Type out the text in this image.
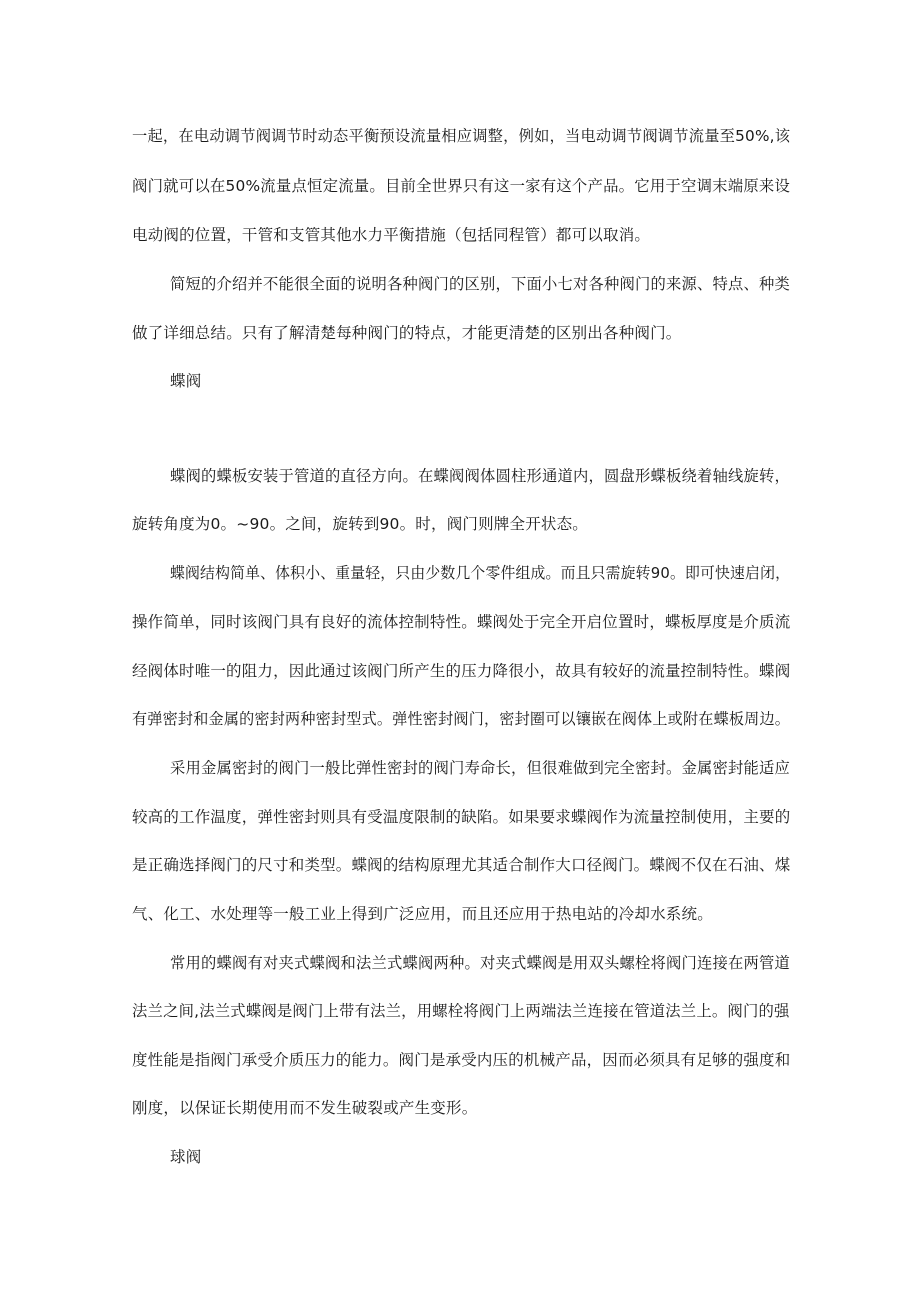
一起，在电动调节阀调节时动态平衡预设流量相应调整，例如，当电动调节阀调节流量至50%,该
阀门就可以在50%流量点恒定流量。目前全世界只有这一家有这个产品。它用于空调末端原来设
电动阀的位置，干管和支管其他水力平衡措施（包括同程管）都可以取消。
简短的介绍并不能很全面的说明各种阀门的区别，下面小七对各种阀门的来源、特点、种类
做了详细总结。只有了解清楚每种阀门的特点，才能更清楚的区别出各种阀门。
蝶阀
蝶阀的蝶板安装于管道的直径方向。在蝶阀阀体圆柱形通道内，圆盘形蝶板绕着轴线旋转，
旋转角度为0。~90。之间，旋转到90。时，阀门则牌全开状态。
蝶阀结构简单、体积小、重量轻，只由少数几个零件组成。而且只需旋转90。即可快速启闭，
操作简单，同时该阀门具有良好的流体控制特性。蝶阀处于完全开启位置时，蝶板厚度是介质流
经阀体时唯一的阻力，因此通过该阀门所产生的压力降很小，故具有较好的流量控制特性。蝶阀
有弹密封和金属的密封两种密封型式。弹性密封阀门，密封圈可以镶嵌在阀体上或附在蝶板周边。
采用金属密封的阀门一般比弹性密封的阀门寿命长，但很难做到完全密封。金属密封能适应
较高的工作温度，弹性密封则具有受温度限制的缺陷。如果要求蝶阀作为流量控制使用，主要的
是正确选择阀门的尺寸和类型。蝶阀的结构原理尤其适合制作大口径阀门。蝶阀不仅在石油、煤
气、化工、水处理等一般工业上得到广泛应用，而且还应用于热电站的冷却水系统。
常用的蝶阀有对夹式蝶阀和法兰式蝶阀两种。对夹式蝶阀是用双头螺栓将阀门连接在两管道
法兰之间,法兰式蝶阀是阀门上带有法兰，用螺栓将阀门上两端法兰连接在管道法兰上。阀门的强
度性能是指阀门承受介质压力的能力。阀门是承受内压的机械产品，因而必须具有足够的强度和
刚度，以保证长期使用而不发生破裂或产生变形。
球阀
